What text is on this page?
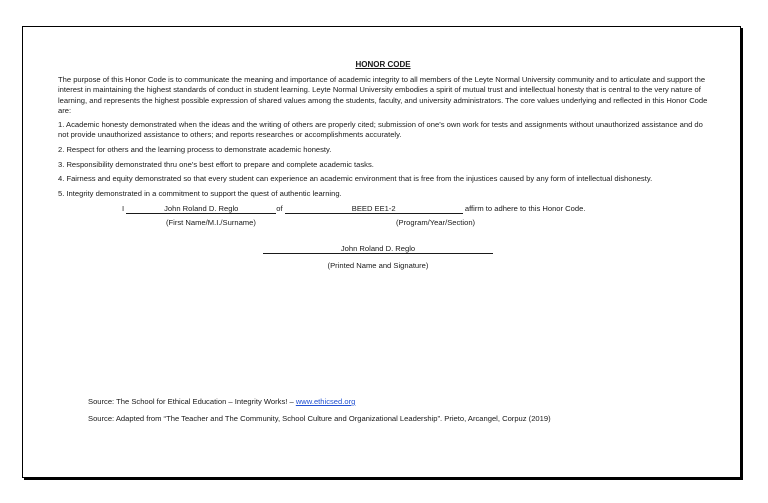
HONOR CODE

The purpose of this Honor Code is to communicate the meaning and importance of academic integrity to all members of the Leyte Normal University community and to articulate and support the interest in maintaining the highest standards of conduct in student learning. Leyte Normal University embodies a spirit of mutual trust and intellectual honesty that is central to the very nature of learning, and represents the highest possible expression of shared values among the students, faculty, and university administrators. The core values underlying and reflected in this Honor Code are:

1. Academic honesty demonstrated when the ideas and the writing of others are properly cited; submission of one’s own work for tests and assignments without unauthorized assistance and do not provide unauthorized assistance to others; and reports researches or accomplishments accurately.

2. Respect for others and the learning process to demonstrate academic honesty.

3. Responsibility demonstrated thru one’s best effort to prepare and complete academic tasks.

4. Fairness and equity demonstrated so that every student can experience an academic environment that is free from the injustices caused by any form of intellectual dishonesty.

5. Integrity demonstrated in a commitment to support the quest of authentic learning.

I	John Roland D. Reglo	of	BEED EE1-2	affirm to adhere to this Honor Code.
(First Name/M.I./Surname)	(Program/Year/Section)
John Roland D. Reglo
(Printed Name and Signature)

Source: The School for Ethical Education – Integrity Works! – www.ethicsed.org

Source: Adapted from “The Teacher and The Community, School Culture and Organizational Leadership”. Prieto, Arcangel, Corpuz (2019)
